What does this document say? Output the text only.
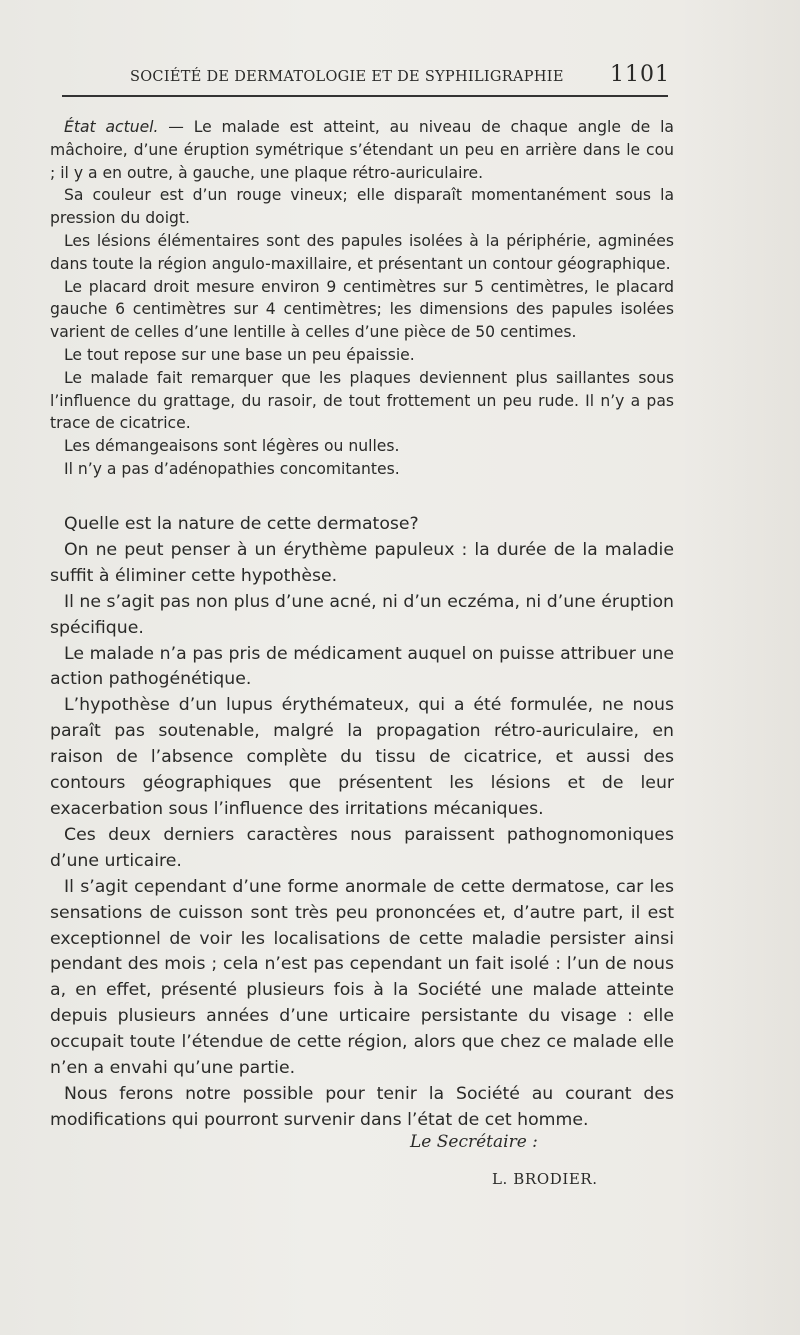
SOCIÉTÉ DE DERMATOLOGIE ET DE SYPHILIGRAPHIE 1101

État actuel. — Le malade est atteint, au niveau de chaque angle de la mâchoire, d’une éruption symétrique s’étendant un peu en arrière dans le cou ; il y a en outre, à gauche, une plaque rétro-auriculaire.

Sa couleur est d’un rouge vineux; elle disparaît momentanément sous la pression du doigt.

Les lésions élémentaires sont des papules isolées à la périphérie, agminées dans toute la région angulo-maxillaire, et présentant un contour géographique.

Le placard droit mesure environ 9 centimètres sur 5 centimètres, le placard gauche 6 centimètres sur 4 centimètres; les dimensions des papules isolées varient de celles d’une lentille à celles d’une pièce de 50 centimes.

Le tout repose sur une base un peu épaissie.

Le malade fait remarquer que les plaques deviennent plus saillantes sous l’influence du grattage, du rasoir, de tout frottement un peu rude. Il n’y a pas trace de cicatrice.

Les démangeaisons sont légères ou nulles.

Il n’y a pas d’adénopathies concomitantes.

Quelle est la nature de cette dermatose?

On ne peut penser à un érythème papuleux : la durée de la maladie suffit à éliminer cette hypothèse.

Il ne s’agit pas non plus d’une acné, ni d’un eczéma, ni d’une éruption spécifique.

Le malade n’a pas pris de médicament auquel on puisse attribuer une action pathogénétique.

L’hypothèse d’un lupus érythémateux, qui a été formulée, ne nous paraît pas soutenable, malgré la propagation rétro-auriculaire, en raison de l’absence complète du tissu de cicatrice, et aussi des contours géographiques que présentent les lésions et de leur exacerbation sous l’influence des irritations mécaniques.

Ces deux derniers caractères nous paraissent pathognomoniques d’une urticaire.

Il s’agit cependant d’une forme anormale de cette dermatose, car les sensations de cuisson sont très peu prononcées et, d’autre part, il est exceptionnel de voir les localisations de cette maladie persister ainsi pendant des mois ; cela n’est pas cependant un fait isolé : l’un de nous a, en effet, présenté plusieurs fois à la Société une malade atteinte depuis plusieurs années d’une urticaire persistante du visage : elle occupait toute l’étendue de cette région, alors que chez ce malade elle n’en a envahi qu’une partie.

Nous ferons notre possible pour tenir la Société au courant des modifications qui pourront survenir dans l’état de cet homme.

Le Secrétaire :
L. BRODIER.
